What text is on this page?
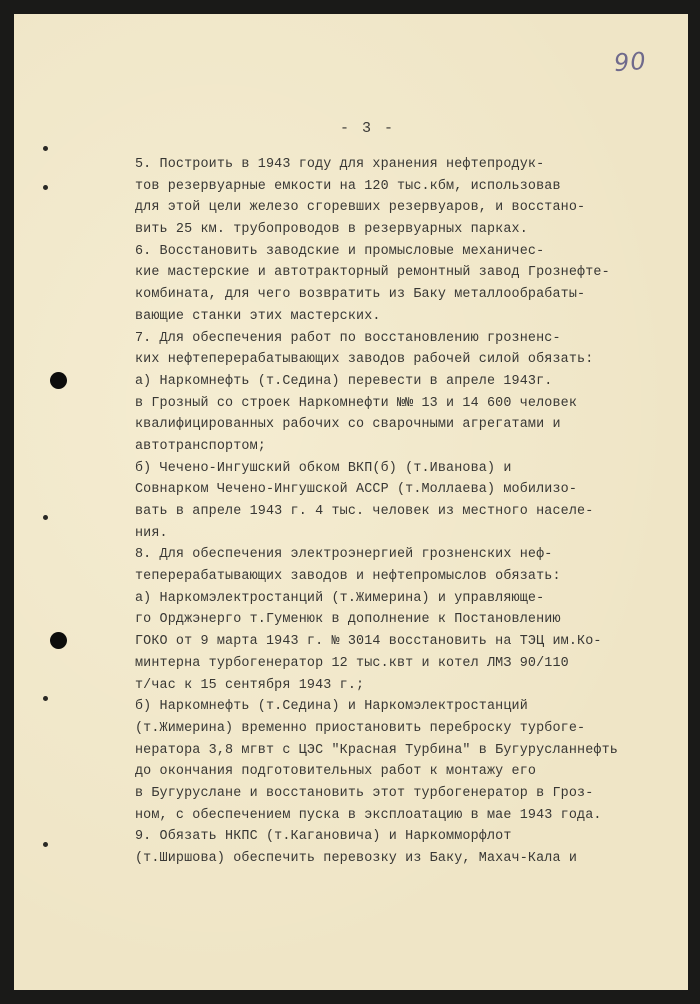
90
- 3 -
5. Построить в 1943 году для хранения нефтепродук-
тов резервуарные емкости на 120 тыс.кбм, использовав
для этой цели железо сгоревших резервуаров, и восстано-
вить 25 км. трубопроводов в резервуарных парках.
6. Восстановить заводские и промысловые механичес-
кие мастерские и автотракторный ремонтный завод Грознефте-
комбината, для чего возвратить из Баку металлообрабаты-
вающие станки этих мастерских.
7. Для обеспечения работ по восстановлению грозненс-
ких нефтеперерабатывающих заводов рабочей силой обязать:
а) Наркомнефть (т.Седина) перевести в апреле 1943г.
в Грозный со строек Наркомнефти №№ 13 и 14 600 человек
квалифицированных рабочих со сварочными агрегатами и
автотранспортом;
б) Чечено-Ингушский обком ВКП(б) (т.Иванова) и
Совнарком Чечено-Ингушской АССР (т.Моллаева) мобилизо-
вать в апреле 1943 г. 4 тыс. человек из местного населе-
ния.
8. Для обеспечения электроэнергией грозненских неф-
теперерабатывающих заводов и нефтепромыслов обязать:
а) Наркомэлектростанций (т.Жимерина) и управляюще-
го Орджэнерго т.Гуменюк в дополнение к Постановлению
ГОКО от 9 марта 1943 г. № 3014 восстановить на ТЭЦ им.Ко-
минтерна турбогенератор 12 тыс.квт и котел ЛМЗ 90/110
т/час к 15 сентября 1943 г.;
б) Наркомнефть (т.Седина) и Наркомэлектростанций
(т.Жимерина) временно приостановить переброску турбоге-
нератора 3,8 мгвт с ЦЭС "Красная Турбина" в Бугурусланнефть
до окончания подготовительных работ к монтажу его
в Бугуруслане и восстановить этот турбогенератор в Гроз-
ном, с обеспечением пуска в эксплоатацию в мае 1943 года.
9. Обязать НКПС (т.Кагановича) и Наркомморфлот
(т.Ширшова) обеспечить перевозку из Баку, Махач-Кала и
